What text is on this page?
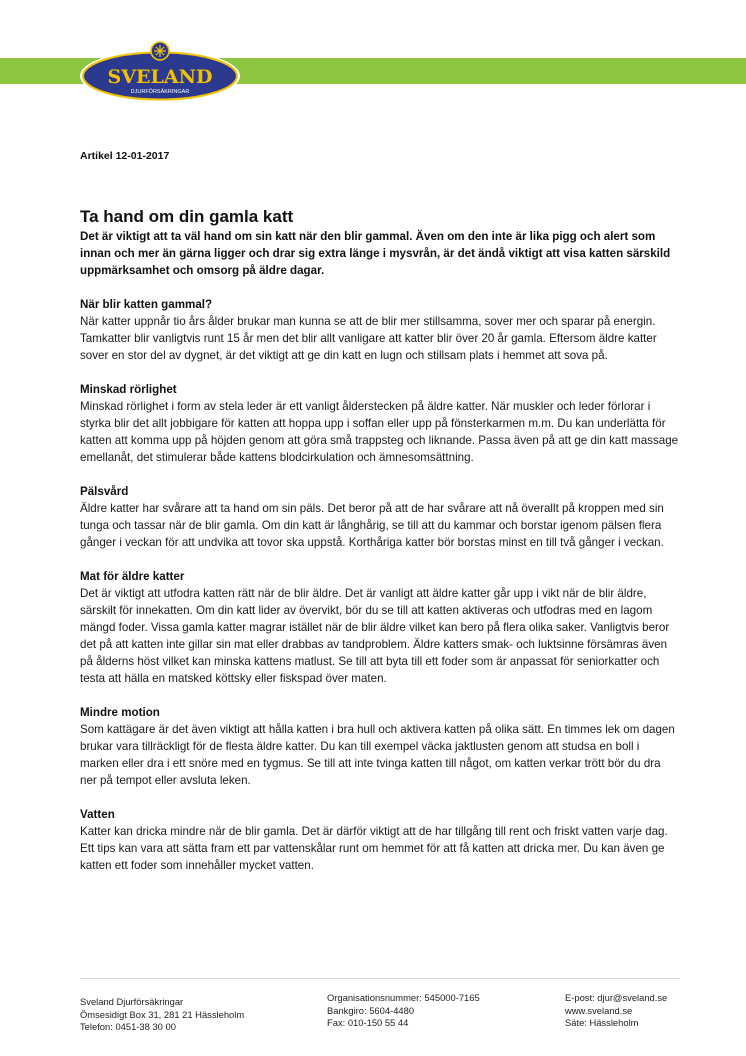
SVELAND
DJURFÖRSÄKRINGAR
Artikel 12-01-2017
Ta hand om din gamla katt

Det är viktigt att ta väl hand om sin katt när den blir gammal. Även om den inte är lika pigg och alert som innan och mer än gärna ligger och drar sig extra länge i mysvrån, är det ändå viktigt att visa katten särskild uppmärksamhet och omsorg på äldre dagar.

När blir katten gammal?

När katter uppnår tio års ålder brukar man kunna se att de blir mer stillsamma, sover mer och sparar på energin. Tamkatter blir vanligtvis runt 15 år men det blir allt vanligare att katter blir över 20 år gamla. Eftersom äldre katter sover en stor del av dygnet, är det viktigt att ge din katt en lugn och stillsam plats i hemmet att sova på.

Minskad rörlighet

Minskad rörlighet i form av stela leder är ett vanligt ålderstecken på äldre katter. När muskler och leder förlorar i styrka blir det allt jobbigare för katten att hoppa upp i soffan eller upp på fönsterkarmen m.m. Du kan underlätta för katten att komma upp på höjden genom att göra små trappsteg och liknande. Passa även på att ge din katt massage emellanåt, det stimulerar både kattens blodcirkulation och ämnesomsättning.

Pälsvård

Äldre katter har svårare att ta hand om sin päls. Det beror på att de har svårare att nå överallt på kroppen med sin tunga och tassar när de blir gamla. Om din katt är långhårig, se till att du kammar och borstar igenom pälsen flera gånger i veckan för att undvika att tovor ska uppstå. Korthåriga katter bör borstas minst en till två gånger i veckan.

Mat för äldre katter

Det är viktigt att utfodra katten rätt när de blir äldre. Det är vanligt att äldre katter går upp i vikt när de blir äldre, särskilt för innekatten. Om din katt lider av övervikt, bör du se till att katten aktiveras och utfodras med en lagom mängd foder. Vissa gamla katter magrar istället när de blir äldre vilket kan bero på flera olika saker. Vanligtvis beror det på att katten inte gillar sin mat eller drabbas av tandproblem. Äldre katters smak- och luktsinne försämras även på ålderns höst vilket kan minska kattens matlust. Se till att byta till ett foder som är anpassat för seniorkatter och testa att hälla en matsked köttsky eller fiskspad över maten.

Mindre motion

Som kattägare är det även viktigt att hålla katten i bra hull och aktivera katten på olika sätt. En timmes lek om dagen brukar vara tillräckligt för de flesta äldre katter. Du kan till exempel väcka jaktlusten genom att studsa en boll i marken eller dra i ett snöre med en tygmus. Se till att inte tvinga katten till något, om katten verkar trött bör du dra ner på tempot eller avsluta leken.

Vatten

Katter kan dricka mindre när de blir gamla. Det är därför viktigt att de har tillgång till rent och friskt vatten varje dag. Ett tips kan vara att sätta fram ett par vattenskålar runt om hemmet för att få katten att dricka mer. Du kan även ge katten ett foder som innehåller mycket vatten.

Sveland Djurförsäkringar
Ömsesidigt Box 31, 281 21 Hässleholm
Telefon: 0451-38 30 00
Organisationsnummer: 545000-7165
Bankgiro: 5604-4480
Fax: 010-150 55 44
E-post: djur@sveland.se
www.sveland.se
Säte: Hässleholm
